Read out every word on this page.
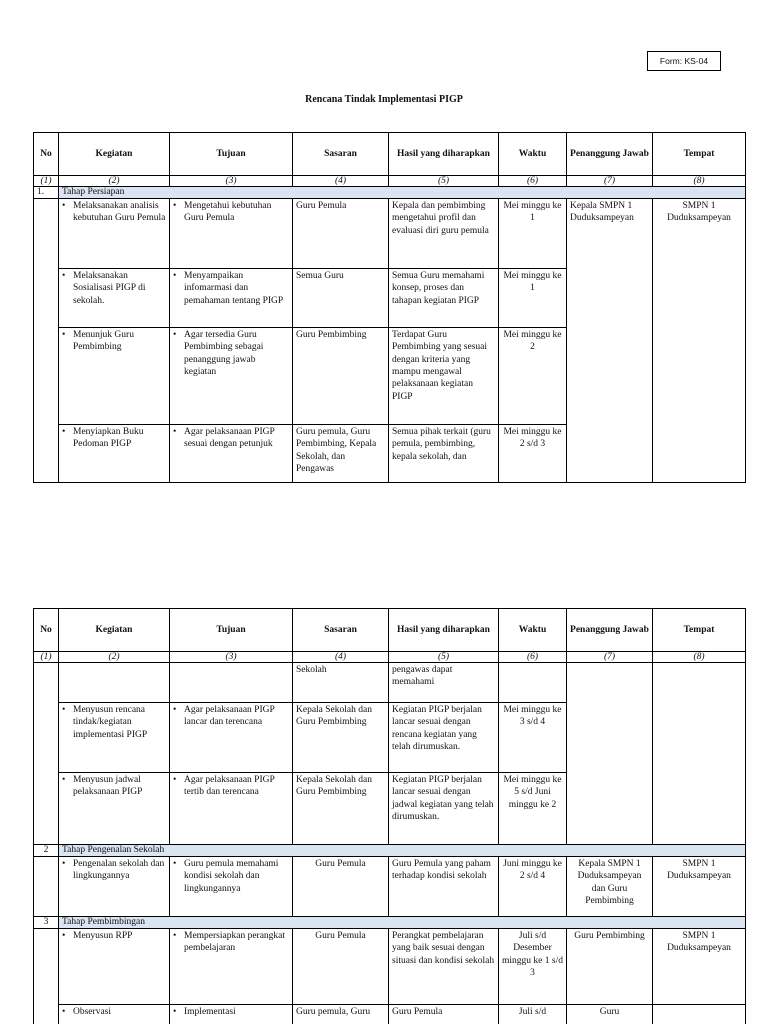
Form: KS-04
Rencana Tindak Implementasi PIGP
No	Kegiatan	Tujuan	Sasaran	Hasil yang diharapkan	Waktu	Penanggung Jawab	Tempat
(1)	(2)	(3)	(4)	(5)	(6)	(7)	(8)
1.	Tahap Persiapan						

	• Melaksanakan analisis kebutuhan Guru Pemula	• Mengetahui kebutuhan Guru Pemula	Guru Pemula	Kepala dan pembimbing mengetahui profil dan evaluasi diri guru pemula	Mei minggu ke 1	Kepala SMPN 1 Duduksampeyan	SMPN 1 Duduksampeyan

	• Melaksanakan Sosialisasi PIGP di sekolah.	• Menyampaikan infomarmasi dan pemahaman tentang PIGP	Semua Guru	Semua Guru memahami konsep, proses dan tahapan kegiatan PIGP	Mei minggu ke 1		

	• Menunjuk Guru Pembimbing	• Agar tersedia Guru Pembimbing sebagai penanggung jawab kegiatan	Guru Pembimbing	Terdapat Guru Pembimbing yang sesuai dengan kriteria yang mampu mengawal pelaksanaan kegiatan PIGP	Mei minggu ke 2		

	• Menyiapkan Buku Pedoman PIGP	• Agar pelaksanaan PIGP sesuai dengan petunjuk	Guru pemula, Guru Pembimbing, Kepala Sekolah, dan Pengawas	Semua pihak terkait (guru pemula, pembimbing, kepala sekolah, dan	Mei minggu ke 2 s/d 3		
No	Kegiatan	Tujuan	Sasaran	Hasil yang diharapkan	Waktu	Penanggung Jawab	Tempat
(1)	(2)	(3)	(4)	(5)	(6)	(7)	(8)
			Sekolah	pengawas dapat memahami			

	• Menyusun rencana tindak/kegiatan implementasi PIGP	• Agar pelaksanaan PIGP lancar dan terencana	Kepala Sekolah dan Guru Pembimbing	Kegiatan PIGP berjalan lancar sesuai dengan rencana kegiatan yang telah dirumuskan.	Mei minggu ke 3 s/d 4		

	• Menyusun jadwal pelaksanaan PIGP	• Agar pelaksanaan PIGP tertib dan terencana	Kepala Sekolah dan Guru Pembimbing	Kegiatan PIGP berjalan lancar sesuai dengan jadwal kegiatan yang telah dirumuskan.	Mei minggu ke 5 s/d Juni minggu ke 2		
2	Tahap Pengenalan Sekolah						

	• Pengenalan sekolah dan lingkungannya	• Guru pemula memahami kondisi sekolah dan lingkungannya	Guru Pemula	Guru Pemula yang paham terhadap kondisi sekolah	Juni minggu ke 2 s/d 4	Kepala SMPN 1 Duduksampeyan dan Guru Pembimbing	SMPN 1 Duduksampeyan
3	Tahap Pembimbingan						

	• Menyusun RPP	• Mempersiapkan perangkat pembelajaran	Guru Pemula	Perangkat pembelajaran yang baik sesuai dengan situasi dan kondisi sekolah	Juli s/d Desember minggu ke 1 s/d 3	Guru Pembimbing	SMPN 1 Duduksampeyan

	• Observasi	• Implementasi	Guru pemula, Guru	Guru Pemula	Juli s/d	Guru	
